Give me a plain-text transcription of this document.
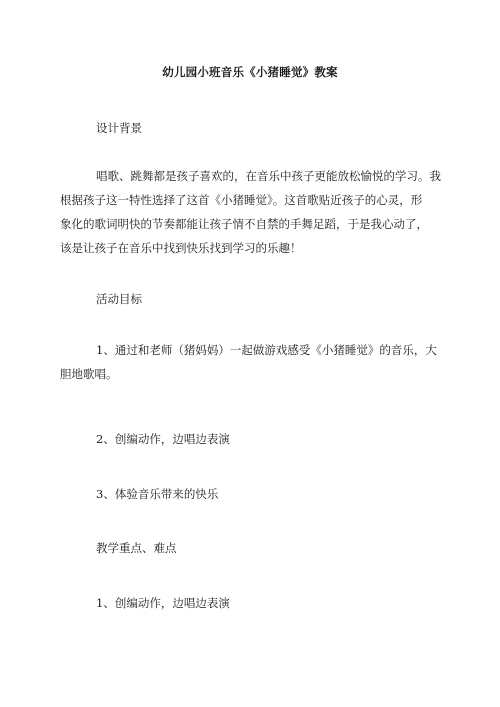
幼儿园小班音乐《小猪睡觉》教案
设计背景
唱歌、跳舞都是孩子喜欢的，在音乐中孩子更能放松愉悦的学习。我
根据孩子这一特性选择了这首《小猪睡觉》。这首歌贴近孩子的心灵，形
象化的歌词明快的节奏都能让孩子情不自禁的手舞足蹈，于是我心动了，
该是让孩子在音乐中找到快乐找到学习的乐趣！
活动目标
1、通过和老师（猪妈妈）一起做游戏感受《小猪睡觉》的音乐，大
胆地歌唱。
2、创编动作，边唱边表演
3、体验音乐带来的快乐
教学重点、难点
1、创编动作，边唱边表演
